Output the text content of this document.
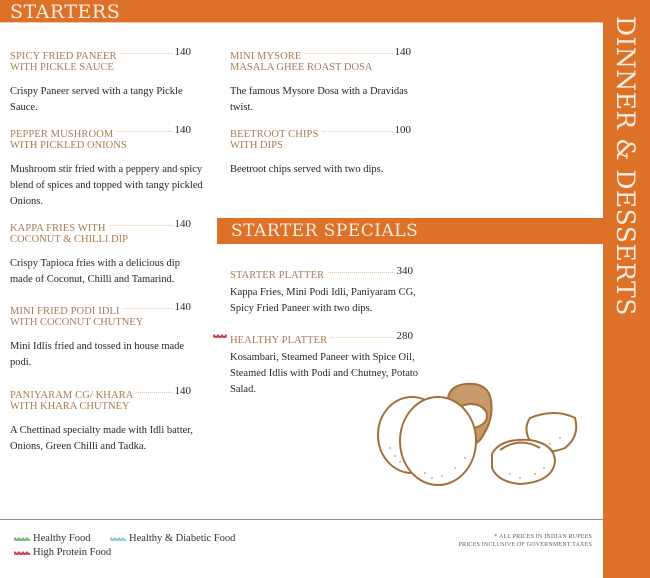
STARTERS
DINNER & DESSERTS
SPICY FRIED PANEER	140
WITH PICKLE SAUCE
Crispy Paneer served with a tangy Pickle Sauce.
PEPPER MUSHROOM	140
WITH PICKLED ONIONS
Mushroom stir fried with a peppery and spicy blend of spices and topped with tangy pickled Onions.
KAPPA FRIES WITH	140
COCONUT & CHILLI DIP
Crispy Tapioca fries with a delicious dip made of Coconut, Chilli and Tamarind.
MINI FRIED PODI IDLI	140
WITH COCONUT CHUTNEY
Mini Idlis fried and tossed in house made podi.
PANIYARAM CG/ KHARA	140
WITH KHARA CHUTNEY
A Chettinad specialty made with Idli batter, Onions, Green Chilli and Tadka.
MINI MYSORE	140
MASALA GHEE ROAST DOSA
The famous Mysore Dosa with a Dravidas twist.
BEETROOT CHIPS	100
WITH DIPS
Beetroot chips served with two dips.
STARTER SPECIALS
STARTER PLATTER	340
Kappa Fries, Mini Podi Idli, Paniyaram CG, Spicy Fried Paneer with two dips.
HEALTHY PLATTER	280
Kosambari, Steamed Paneer with Spice Oil, Steamed Idlis with Podi and Chutney, Potato Salad.
Healthy Food	Healthy & Diabetic Food
High Protein Food
* ALL PRICES IN INDIAN RUPEES
PRICES INCLUSIVE OF GOVERNMENT TAXES
